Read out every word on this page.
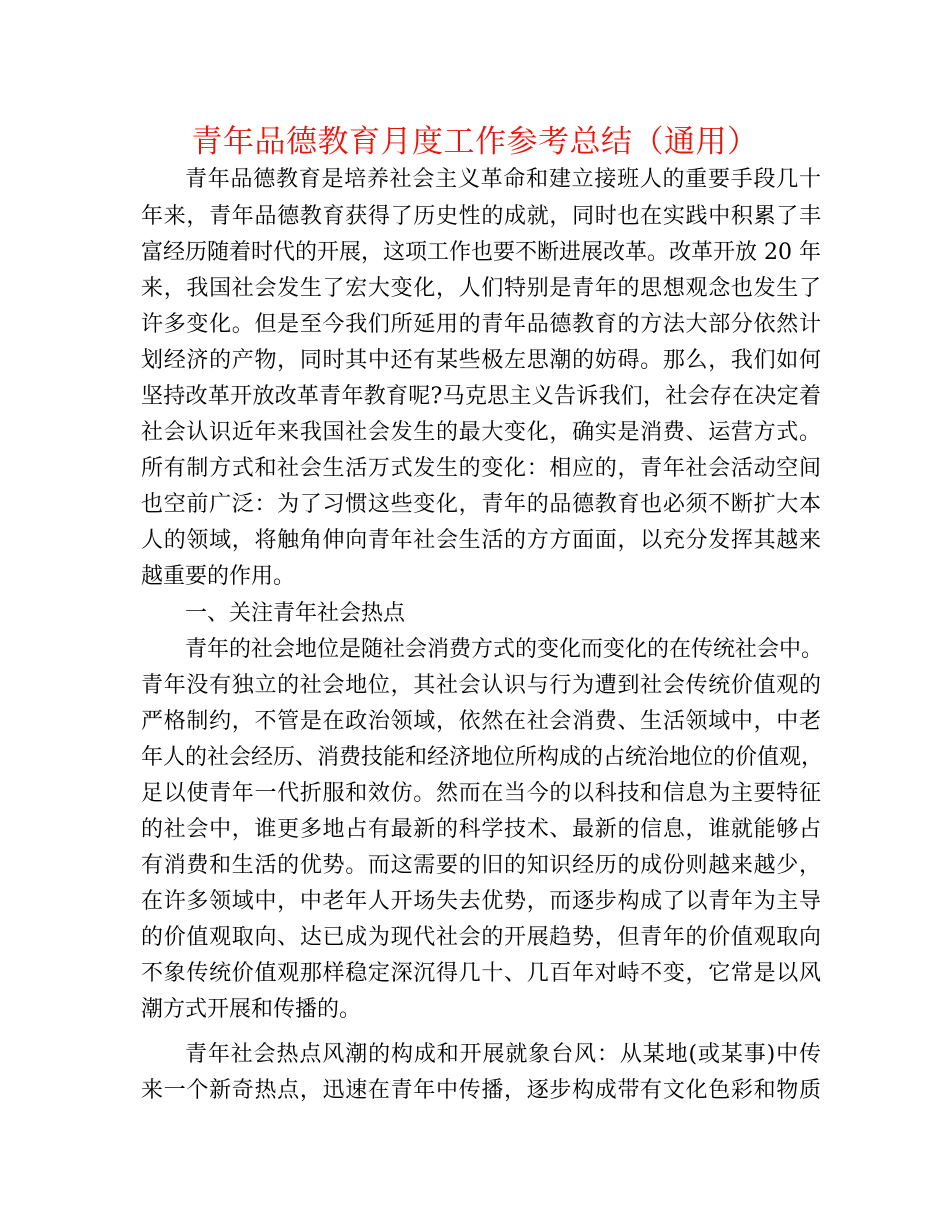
青年品德教育月度工作参考总结（通用）
青年品德教育是培养社会主义革命和建立接班人的重要手段几十
年来，青年品德教育获得了历史性的成就，同时也在实践中积累了丰
富经历随着时代的开展，这项工作也要不断进展改革。改革开放 20 年
来，我国社会发生了宏大变化，人们特别是青年的思想观念也发生了
许多变化。但是至今我们所延用的青年品德教育的方法大部分依然计
划经济的产物，同时其中还有某些极左思潮的妨碍。那么，我们如何
坚持改革开放改革青年教育呢?马克思主义告诉我们，社会存在决定着
社会认识近年来我国社会发生的最大变化，确实是消费、运营方式。
所有制方式和社会生活万式发生的变化：相应的，青年社会活动空间
也空前广泛：为了习惯这些变化，青年的品德教育也必须不断扩大本
人的领域，将触角伸向青年社会生活的方方面面，以充分发挥其越来
越重要的作用。
一、关注青年社会热点
青年的社会地位是随社会消费方式的变化而变化的在传统社会中。
青年没有独立的社会地位，其社会认识与行为遭到社会传统价值观的
严格制约，不管是在政治领域，依然在社会消费、生活领域中，中老
年人的社会经历、消费技能和经济地位所构成的占统治地位的价值观，
足以使青年一代折服和效仿。然而在当今的以科技和信息为主要特征
的社会中，谁更多地占有最新的科学技术、最新的信息，谁就能够占
有消费和生活的优势。而这需要的旧的知识经历的成份则越来越少，
在许多领域中，中老年人开场失去优势，而逐步构成了以青年为主导
的价值观取向、达已成为现代社会的开展趋势，但青年的价值观取向
不象传统价值观那样稳定深沉得几十、几百年对峙不变，它常是以风
潮方式开展和传播的。
青年社会热点风潮的构成和开展就象台风：从某地(或某事)中传
来一个新奇热点，迅速在青年中传播，逐步构成带有文化色彩和物质
